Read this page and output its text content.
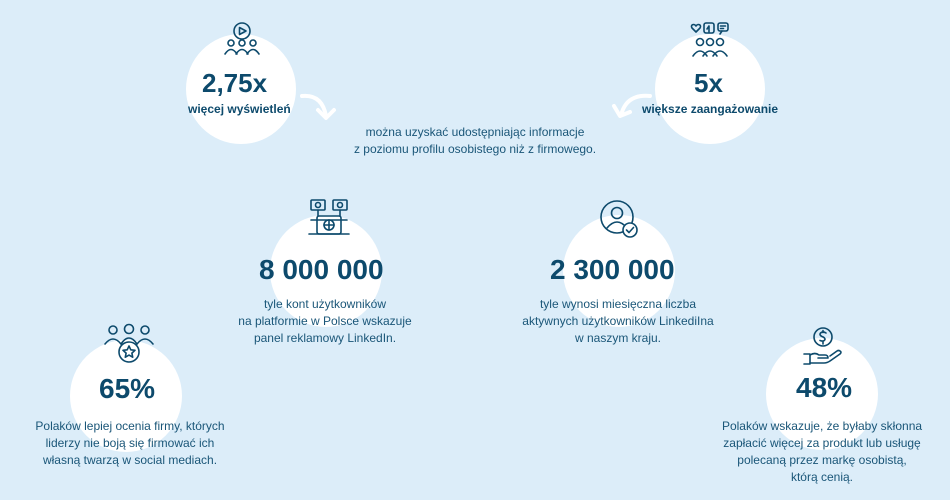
2,75x	5x
8 000 000	2 300 000
65%	48%
więcej wyświetleń	większe zaangażowanie
można uzyskać udostępniając informacje
z poziomu profilu osobistego niż z firmowego.
tyle kont użytkowników
na platformie w Polsce wskazuje
panel reklamowy LinkedIn.
tyle wynosi miesięczna liczba
aktywnych użytkowników LinkediIna
w naszym kraju.
Polaków lepiej ocenia firmy, których
liderzy nie boją się firmować ich
własną twarzą w social mediach.
Polaków wskazuje, że byłaby skłonna
zapłacić więcej za produkt lub usługę
polecaną przez markę osobistą,
którą cenią.
